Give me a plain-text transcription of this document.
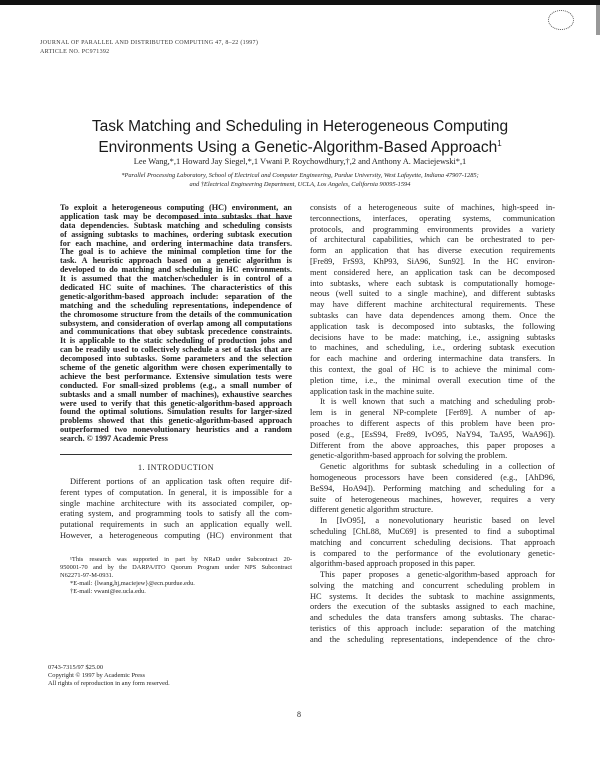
JOURNAL OF PARALLEL AND DISTRIBUTED COMPUTING 47, 8–22 (1997)
ARTICLE NO. PC971392
Task Matching and Scheduling in Heterogeneous Computing
Environments Using a Genetic-Algorithm-Based Approach$^1$
Lee Wang,*,1 Howard Jay Siegel,*,1 Vwani P. Roychowdhury,†,2 and Anthony A. Maciejewski*,1
*Parallel Processing Laboratory, School of Electrical and Computer Engineering, Purdue University, West Lafayette, Indiana 47907-1285;
and †Electrical Engineering Department, UCLA, Los Angeles, California 90095-1594
To exploit a heterogeneous computing (HC) environment, an
application task may be decomposed into subtasks that have
data dependencies. Subtask matching and scheduling consists
of assigning subtasks to machines, ordering subtask execution
for each machine, and ordering intermachine data transfers.
The goal is to achieve the minimal completion time for the
task. A heuristic approach based on a genetic algorithm is
developed to do matching and scheduling in HC environments.
It is assumed that the matcher/scheduler is in control of a
dedicated HC suite of machines. The characteristics of this
genetic-algorithm-based approach include: separation of the
matching and the scheduling representations, independence of
the chromosome structure from the details of the communication
subsystem, and consideration of overlap among all computations
and communications that obey subtask precedence constraints.
It is applicable to the static scheduling of production jobs and
can be readily used to collectively schedule a set of tasks that are
decomposed into subtasks. Some parameters and the selection
scheme of the genetic algorithm were chosen experimentally to
achieve the best performance. Extensive simulation tests were
conducted. For small-sized problems (e.g., a small number of
subtasks and a small number of machines), exhaustive searches
were used to verify that this genetic-algorithm-based approach
found the optimal solutions. Simulation results for larger-sized
problems showed that this genetic-algorithm-based approach
outperformed two nonevolutionary heuristics and a random
search. © 1997 Academic Press
1. INTRODUCTION
Different portions of an application task often require dif-
ferent types of computation. In general, it is impossible for a
single machine architecture with its associated compiler, op-
erating system, and programming tools to satisfy all the com-
putational requirements in such an application equally well.
However, a heterogeneous computing (HC) environment that
¹This research was supported in part by NRaD under Subcontract 20-
950001-70 and by the DARPA/ITO Quorum Program under NPS Subcontract
N62271-97-M-0931.
*E-mail: {lwang,hj,maciejew}@ecn.purdue.edu.
†E-mail: vwani@ee.ucla.edu.
0743-7315/97 $25.00
Copyright © 1997 by Academic Press
All rights of reproduction in any form reserved.
consists of a heterogeneous suite of machines, high-speed in-
terconnections, interfaces, operating systems, communication
protocols, and programming environments provides a variety
of architectural capabilities, which can be orchestrated to per-
form an application that has diverse execution requirements
[Fre89, FrS93, KhP93, SiA96, Sun92]. In the HC environ-
ment considered here, an application task can be decomposed
into subtasks, where each subtask is computationally homoge-
neous (well suited to a single machine), and different subtasks
may have different machine architectural requirements. These
subtasks can have data dependences among them. Once the
application task is decomposed into subtasks, the following
decisions have to be made: matching, i.e., assigning subtasks
to machines, and scheduling, i.e., ordering subtask execution
for each machine and ordering intermachine data transfers. In
this context, the goal of HC is to achieve the minimal com-
pletion time, i.e., the minimal overall execution time of the
application task in the machine suite.
It is well known that such a matching and scheduling prob-
lem is in general NP-complete [Fer89]. A number of ap-
proaches to different aspects of this problem have been pro-
posed (e.g., [EsS94, Fre89, IvO95, NaY94, TaA95, WaA96]).
Different from the above approaches, this paper proposes a
genetic-algorithm-based approach for solving the problem.
Genetic algorithms for subtask scheduling in a collection of
homogeneous processors have been considered (e.g., [AhD96,
BeS94, HoA94]). Performing matching and scheduling for a
suite of heterogeneous machines, however, requires a very
different genetic algorithm structure.
In [IvO95], a nonevolutionary heuristic based on level
scheduling [ChL88, MuC69] is presented to find a suboptimal
matching and concurrent scheduling decisions. That approach
is compared to the performance of the evolutionary genetic-
algorithm-based approach proposed in this paper.
This paper proposes a genetic-algorithm-based approach for
solving the matching and concurrent scheduling problem in
HC systems. It decides the subtask to machine assignments,
orders the execution of the subtasks assigned to each machine,
and schedules the data transfers among subtasks. The charac-
teristics of this approach include: separation of the matching
and the scheduling representations, independence of the chro-
8
